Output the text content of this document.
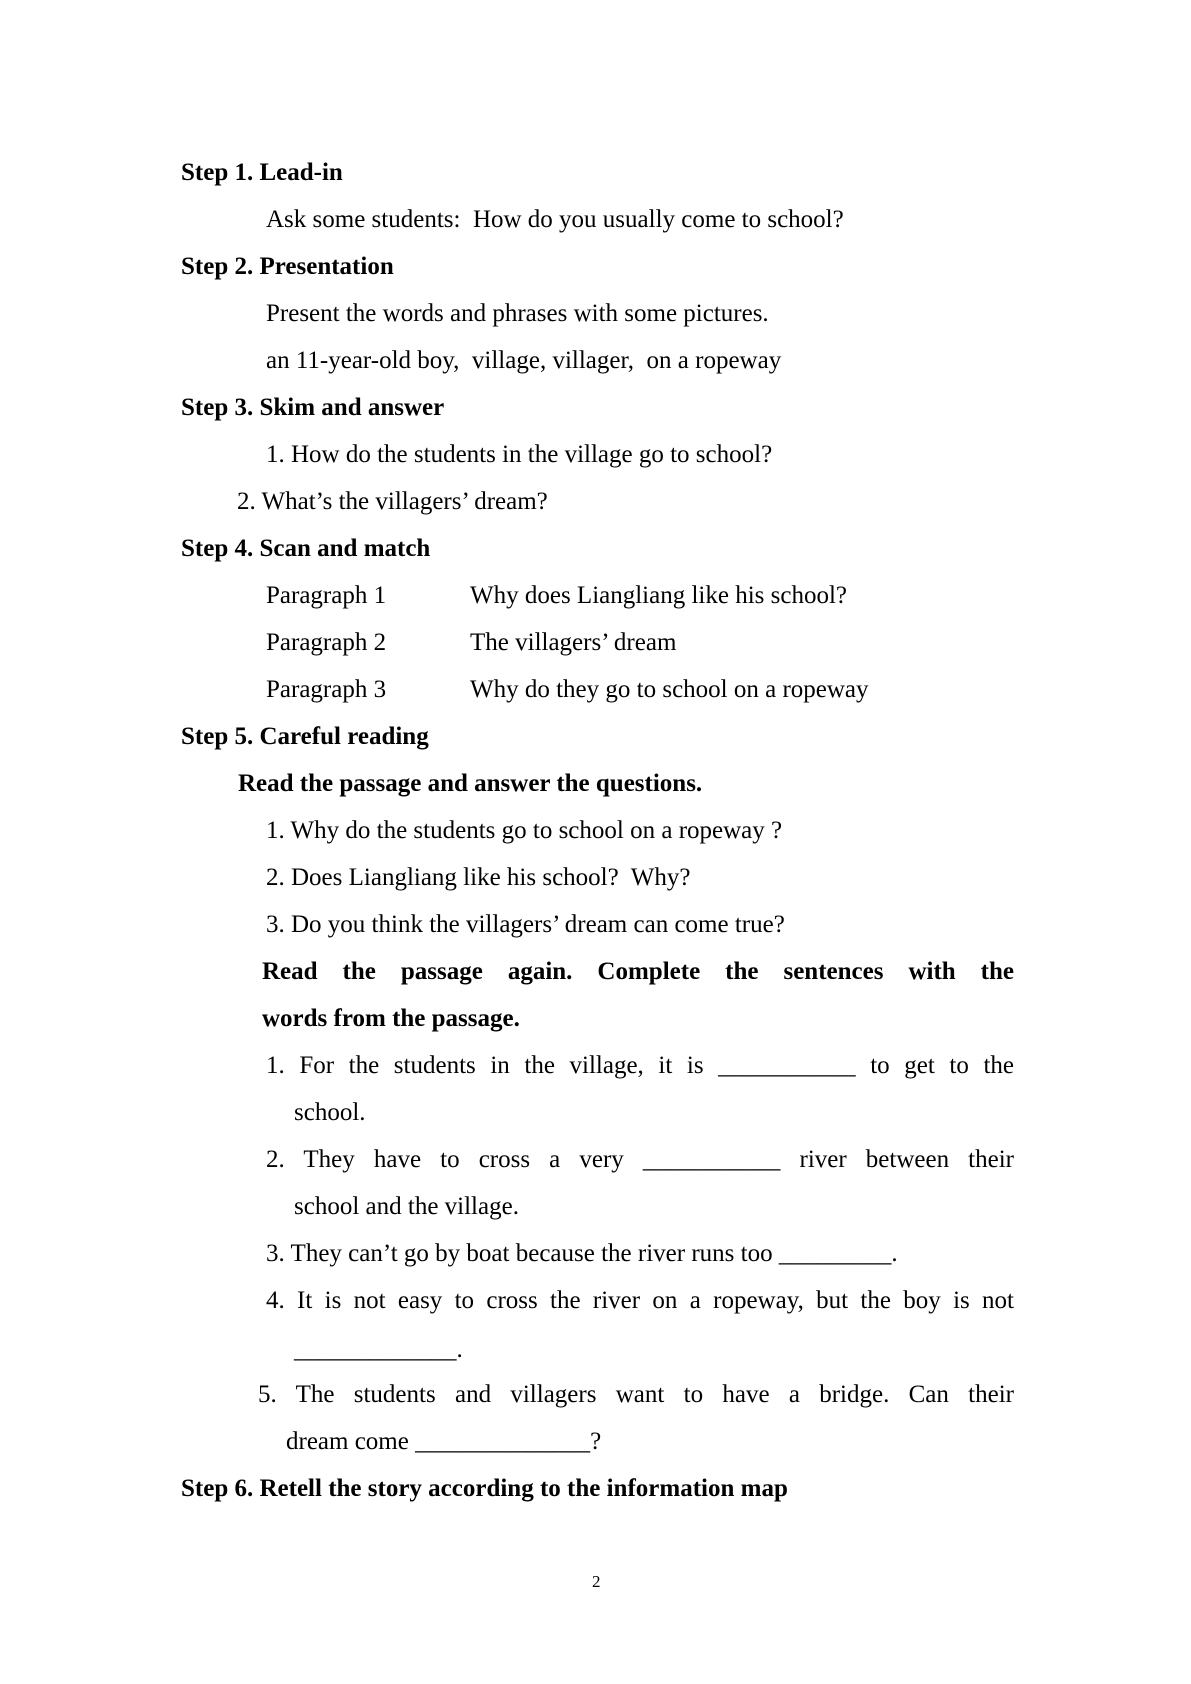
Step 1. Lead-in
Ask some students:  How do you usually come to school?
Step 2. Presentation
Present the words and phrases with some pictures.
an 11-year-old boy,  village, villager,  on a ropeway
Step 3. Skim and answer
1. How do the students in the village go to school?
2. What’s the villagers’ dream?
Step 4. Scan and match
Paragraph 1	Why does Liangliang like his school?
Paragraph 2	The villagers’ dream
Paragraph 3	Why do they go to school on a ropeway
Step 5. Careful reading
Read the passage and answer the questions.
1. Why do the students go to school on a ropeway ?
2. Does Liangliang like his school?  Why?
3. Do you think the villagers’ dream can come true?
Read the passage again. Complete the sentences with the
words from the passage.
1. For the students in the village, it is ___________ to get to the
school.
2. They have to cross a very ___________ river between their
school and the village.
3. They can’t go by boat because the river runs too _________.
4. It is not easy to cross the river on a ropeway, but the boy is not
_____________.
5. The students and villagers want to have a bridge. Can their
dream come ______________?
Step 6. Retell the story according to the information map
2
